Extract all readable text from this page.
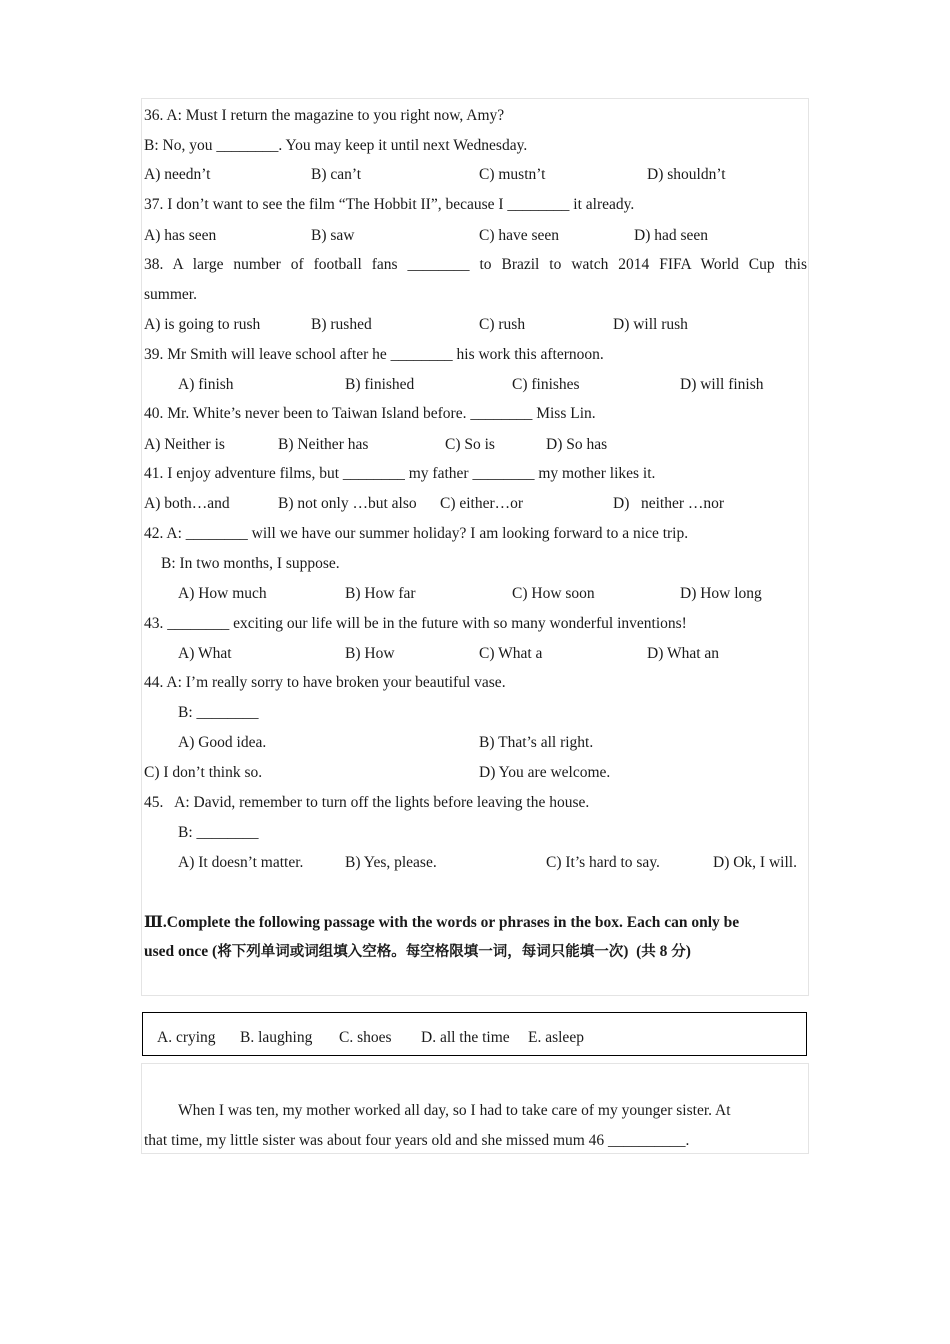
36. A: Must I return the magazine to you right now, Amy?
B: No, you ________. You may keep it until next Wednesday.
A) needn’t	B) can’t	C) mustn’t	D) shouldn’t
37. I don’t want to see the film “The Hobbit II”, because I ________ it already.
A) has seen	B) saw	C) have seen	D) had seen
38. A large number of football fans ________ to Brazil to watch 2014 FIFA World Cup this
summer.
A) is going to rush	B) rushed	C) rush	D) will rush
39. Mr Smith will leave school after he ________ his work this afternoon.
A) finish	B) finished	C) finishes	D) will finish
40. Mr. White’s never been to Taiwan Island before. ________ Miss Lin.
A) Neither is	B) Neither has	C) So is	D) So has
41. I enjoy adventure films, but ________ my father ________ my mother likes it.
A) both…and	B) not only …but also C) either…or	D)   neither …nor
42. A: ________ will we have our summer holiday? I am looking forward to a nice trip.
B: In two months, I suppose.
A) How much	B) How far	C) How soon	D) How long
43. ________ exciting our life will be in the future with so many wonderful inventions!
A) What	B) How	C) What a	D) What an
44. A: I’m really sorry to have broken your beautiful vase.
B: ________
A) Good idea.	B) That’s all right.
C) I don’t think so.	D) You are welcome.
45.   A: David, remember to turn off the lights before leaving the house.
B: ________
A) It doesn’t matter.	B) Yes, please.	C) It’s hard to say.	D) Ok, I will.
Ⅲ.Complete the following passage with the words or phrases in the box. Each can only be
used once (将下列单词或词组填入空格。每空格限填一词，每词只能填一次)  (共 8 分)
A. crying B. laughing C. shoes D. all the time E. asleep
When I was ten, my mother worked all day, so I had to take care of my younger sister. At
that time, my little sister was about four years old and she missed mum 46 __________.
